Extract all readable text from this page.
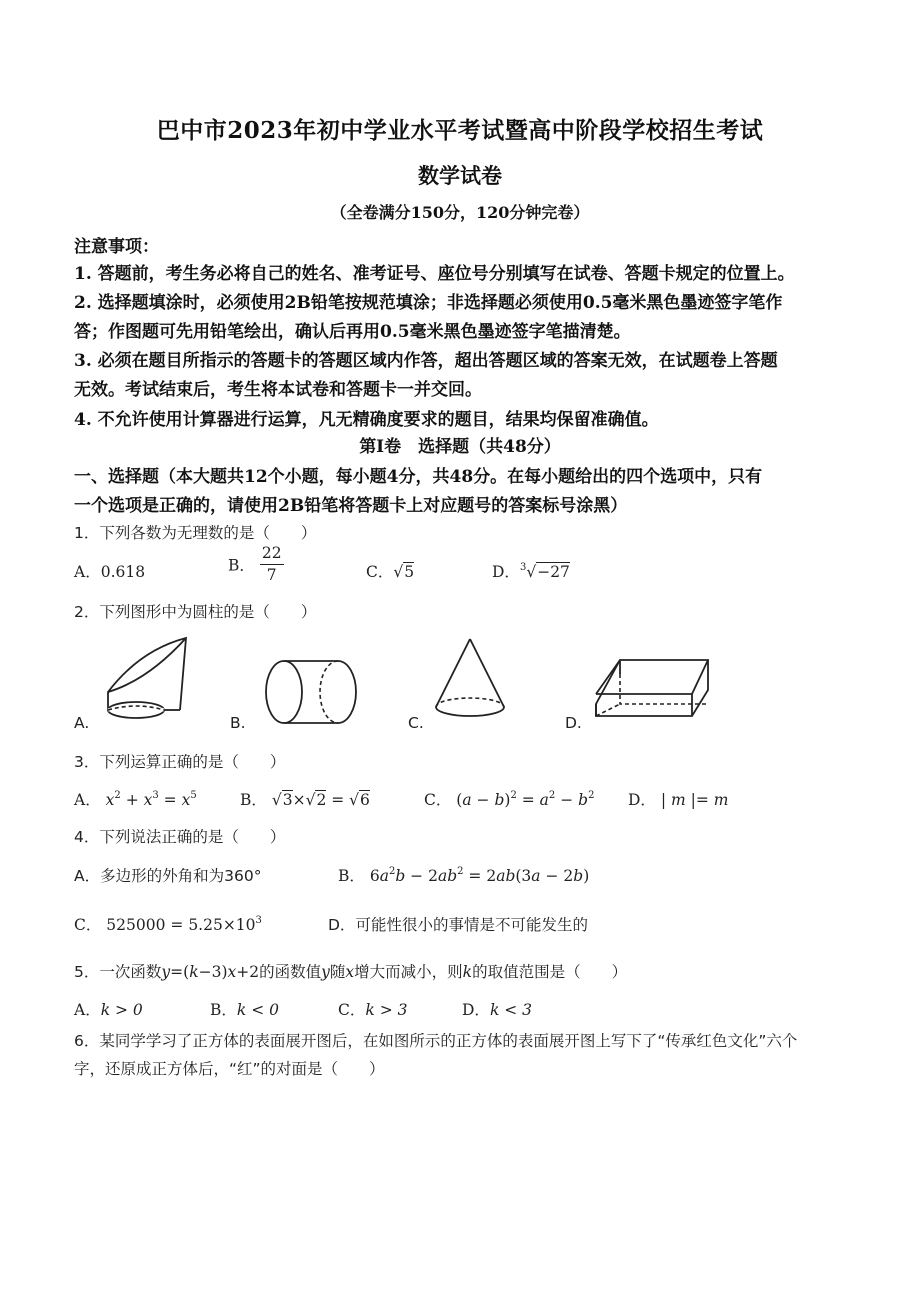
巴中市2023年初中学业水平考试暨高中阶段学校招生考试
数学试卷
（全卷满分150分，120分钟完卷）
注意事项：
1. 答题前，考生务必将自己的姓名、准考证号、座位号分别填写在试卷、答题卡规定的位置上。
2. 选择题填涂时，必须使用2B铅笔按规范填涂；非选择题必须使用0.5毫米黑色墨迹签字笔作
答；作图题可先用铅笔绘出，确认后再用0.5毫米黑色墨迹签字笔描清楚。
3. 必须在题目所指示的答题卡的答题区域内作答，超出答题区域的答案无效，在试题卷上答题
无效。考试结束后，考生将本试卷和答题卡一并交回。
4. 不允许使用计算器进行运算，凡无精确度要求的题目，结果均保留准确值。
第Ⅰ卷　选择题（共48分）
一、选择题（本大题共12个小题，每小题4分，共48分。在每小题给出的四个选项中，只有
一个选项是正确的，请使用2B铅笔将答题卡上对应题号的答案标号涂黑）
1．下列各数为无理数的是（　　）
A．0.618	B． $\frac{22}{7}$	C．√5	D．$^3$√−27
2．下列图形中为圆柱的是（　　）
A.	B.	C.	D.
3．下列运算正确的是（　　）
A． $x^2 + x^3 = x^5$	B． √3×√2 = √6	C． $(a - b)^2 = a^2 - b^2$ D． | m |= m
4．下列说法正确的是（　　）
A．多边形的外角和为360°	B． $6a^2b - 2ab^2 = 2ab(3a - 2b)$
C． $525000 = 5.25\times 10^3$	D．可能性很小的事情是不可能发生的
5．一次函数y=(k−3)x+2的函数值y随x增大而减小，则k的取值范围是（　　）
A．k > 0	B．k < 0	C．k > 3	D．k < 3
6．某同学学习了正方体的表面展开图后，在如图所示的正方体的表面展开图上写下了“传承红色文化”六个
字，还原成正方体后，“红”的对面是（　　）
